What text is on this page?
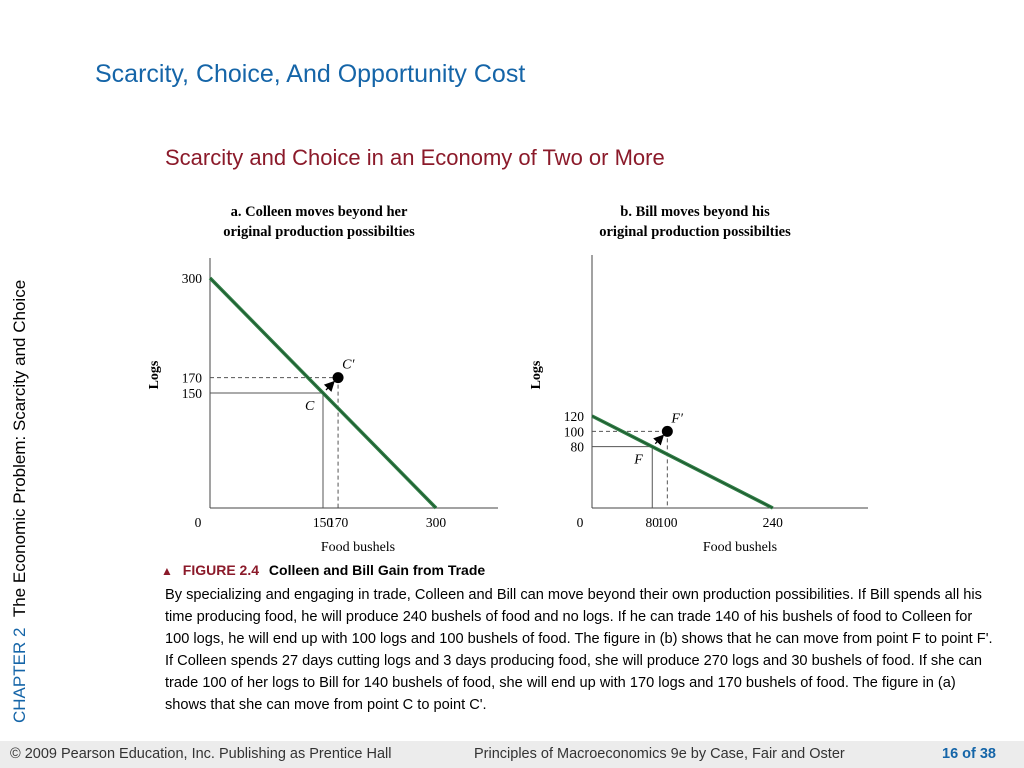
Scarcity, Choice, And Opportunity Cost
Scarcity and Choice in an Economy of Two or More
CHAPTER 2 The Economic Problem: Scarcity and Choice
a. Colleen moves beyond her
original production possibilties
Food bushels
Logs
0	150
170	300
300
170
150
C
C′
b. Bill moves beyond his
original production possibilties
Food bushels
Logs
0	80
100	240
120
100
80
F
F′
▲ FIGURE 2.4 Colleen and Bill Gain from Trade

By specializing and engaging in trade, Colleen and Bill can move beyond their own production possibilities. If Bill spends all his time producing food, he will produce 240 bushels of food and no logs. If he can trade 140 of his bushels of food to Colleen for 100 logs, he will end up with 100 logs and 100 bushels of food. The figure in (b) shows that he can move from point F to point F'.

If Colleen spends 27 days cutting logs and 3 days producing food, she will produce 270 logs and 30 bushels of food. If she can trade 100 of her logs to Bill for 140 bushels of food, she will end up with 170 logs and 170 bushels of food. The figure in (a) shows that she can move from point C to point C'.

© 2009 Pearson Education, Inc. Publishing as Prentice Hall	Principles of Macroeconomics 9e by Case, Fair and Oster	16 of 38
